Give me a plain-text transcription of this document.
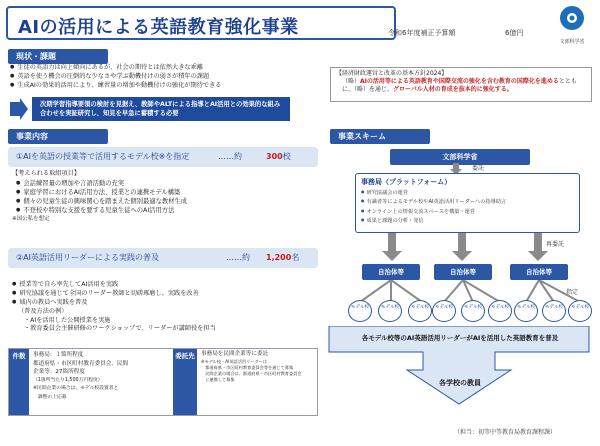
AIの活用による英語教育強化事業	令和6年度補正予算額	6億円
文部科学省
現状・課題
● 生徒の英語力は向上傾向にあるが、社会の期待とは依然大きな乖離
● 英語を使う機会の圧倒的な少なさや学ぶ動機付けの弱さが積年の課題
● 生成AIの効果的活用により、練習量の増加や動機付けの強化が期待できる
次期学習指導要領の検討を見据え、教師やALTによる指導とAI活用との効果的な組み合わせを実証研究し、知見を早急に蓄積する必要
【経済財政運営と改革の基本方針2024】
（略）AIの活用等による英語教育や国際交流の強化を含む教育の国際化を進めるとともに、（略）を通じ、グローバル人材の育成を抜本的に強化する。
事業内容
①AIを英語の授業等で活用するモデル校※を指定	……約	300校
【考えられる取組項目】
● 会話練習量の増加や言語活動の充実
● 家庭学習におけるAI活用方法、授業との連携モデル構築
● 個々の児童生徒の興味関心を踏まえた個別最適な教材生成
● 不登校や特別な支援を要する児童生徒へのAI活用方法
※国公私を想定
②AI英語活用リーダーによる実践の普及	……約 1,200名
● 授業等で自ら率先してAI活用を実践
● 研究協議を通じて全国のリーダー教師と切磋琢磨し、実践を改善
● 域内の教員へ実践を普及
（普及方法の例）
・AIを活用した公開授業を実施
・教育委員会主催研修のワークショップで、リーダーが講師役を担当
件数	事務局：１箇所程度
都道府県・市区町村教育委員会、民間
企業等：27箇所程度
（1箇所当たり1,500万円程度）
※民間企業の場合は、モデル校設置者と
　調整の上応募
委託先	事務局を民間企業等に委託
※モデル校・AI英語活用リーダーは
　都道府県・市区町村教育委員会等を通じて募集
　民間企業の場合は、都道府県・市区町村教育委員会
　と連携して募集
事業スキーム
文部科学省
委託
事務局（プラットフォーム）
● 研究協議会の運営
● 有識者等によるモデル校やAI英語活用リーダーへの指導助言
● オンライン上の情報交流スペースを構築・運営
● 成果と課題の分析・発信
再委託
自治体等	自治体等	自治体等
指定
モデル校	モデル校	モデル校	モデル校	モデル校	モデル校	モデル校	モデル校	モデル校
各モデル校等のAI英語活用リーダーがAIを活用した英語教育を普及
各学校の教員
（担当：初等中等教育局教育課程課）
